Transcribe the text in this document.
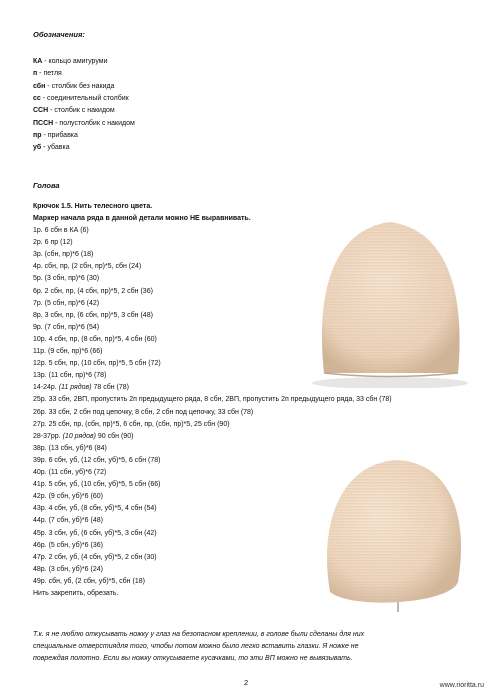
Обозначения:
КА - кольцо амигуруми
п - петля
сбн - столбик без накида
сс - соединительный столбик
ССН - столбик с накидом
ПССН - полустолбик с накидом
пр - прибавка
уб - убавка
Голова
Крючок 1.5. Нить телесного цвета.
Маркер начала ряда в данной детали можно НЕ выравнивать.
1р. 6 сбн в КА (6)
2р. 6 пр (12)
3р. (сбн, пр)*6 (18)
4р. сбн, пр, (2 сбн, пр)*5, сбн (24)
5р. (3 сбн, пр)*6 (30)
6р. 2 сбн, пр, (4 сбн, пр)*5, 2 сбн (36)
7р. (5 сбн, пр)*6 (42)
8р. 3 сбн, пр, (6 сбн, пр)*5, 3 сбн (48)
9р. (7 сбн, пр)*6 (54)
10р. 4 сбн, пр, (8 сбн, пр)*5, 4 сбн (60)
11р. (9 сбн, пр)*6 (66)
12р. 5 сбн, пр, (10 сбн, пр)*5, 5 сбн (72)
13р. (11 сбн, пр)*6 (78)
14-24р. (11 рядов) 78 сбн (78)
25р. 33 сбн, 2ВП, пропустить 2п предыдущего ряда, 8 сбн, 2ВП, пропустить 2п предыдущего ряда, 33 сбн (78)
26р. 33 сбн, 2 сбн под цепочку, 8 сбн, 2 сбн под цепочку, 33 сбн (78)
27р. 25 сбн, пр, (сбн, пр)*5, 6 сбн, пр, (сбн, пр)*5, 25 сбн (90)
28-37рр. (10 рядов) 90 сбн (90)
38р. (13 сбн, уб)*6 (84)
39р. 6 сбн, уб, (12 сбн, уб)*5, 6 сбн (78)
40р. (11 сбн, уб)*6 (72)
41р. 5 сбн, уб, (10 сбн, уб)*5, 5 сбн (66)
42р. (9 сбн, уб)*6 (60)
43р. 4 сбн, уб, (8 сбн, уб)*5, 4 сбн (54)
44р. (7 сбн, уб)*6 (48)
45р. 3 сбн, уб, (6 сбн, уб)*5, 3 сбн (42)
46р. (5 сбн, уб)*6 (36)
47р. 2 сбн, уб, (4 сбн, уб)*5, 2 сбн (30)
48р. (3 сбн, уб)*6 (24)
49р. сбн, уб, (2 сбн, уб)*5, сбн (18)
Нить закрепить, обрезать.
Т.к. я не люблю откусывать ножку у глаз на безопасном креплении, в голове были сделаны для них
специальные отверстиядля того, чтобы потом можно было легко вставить глазки. Я ножке не
повреждая полотно. Если вы ножку откусываете кусачками, то эти ВП можно не вывязывать.
2	www.rioritta.ru
